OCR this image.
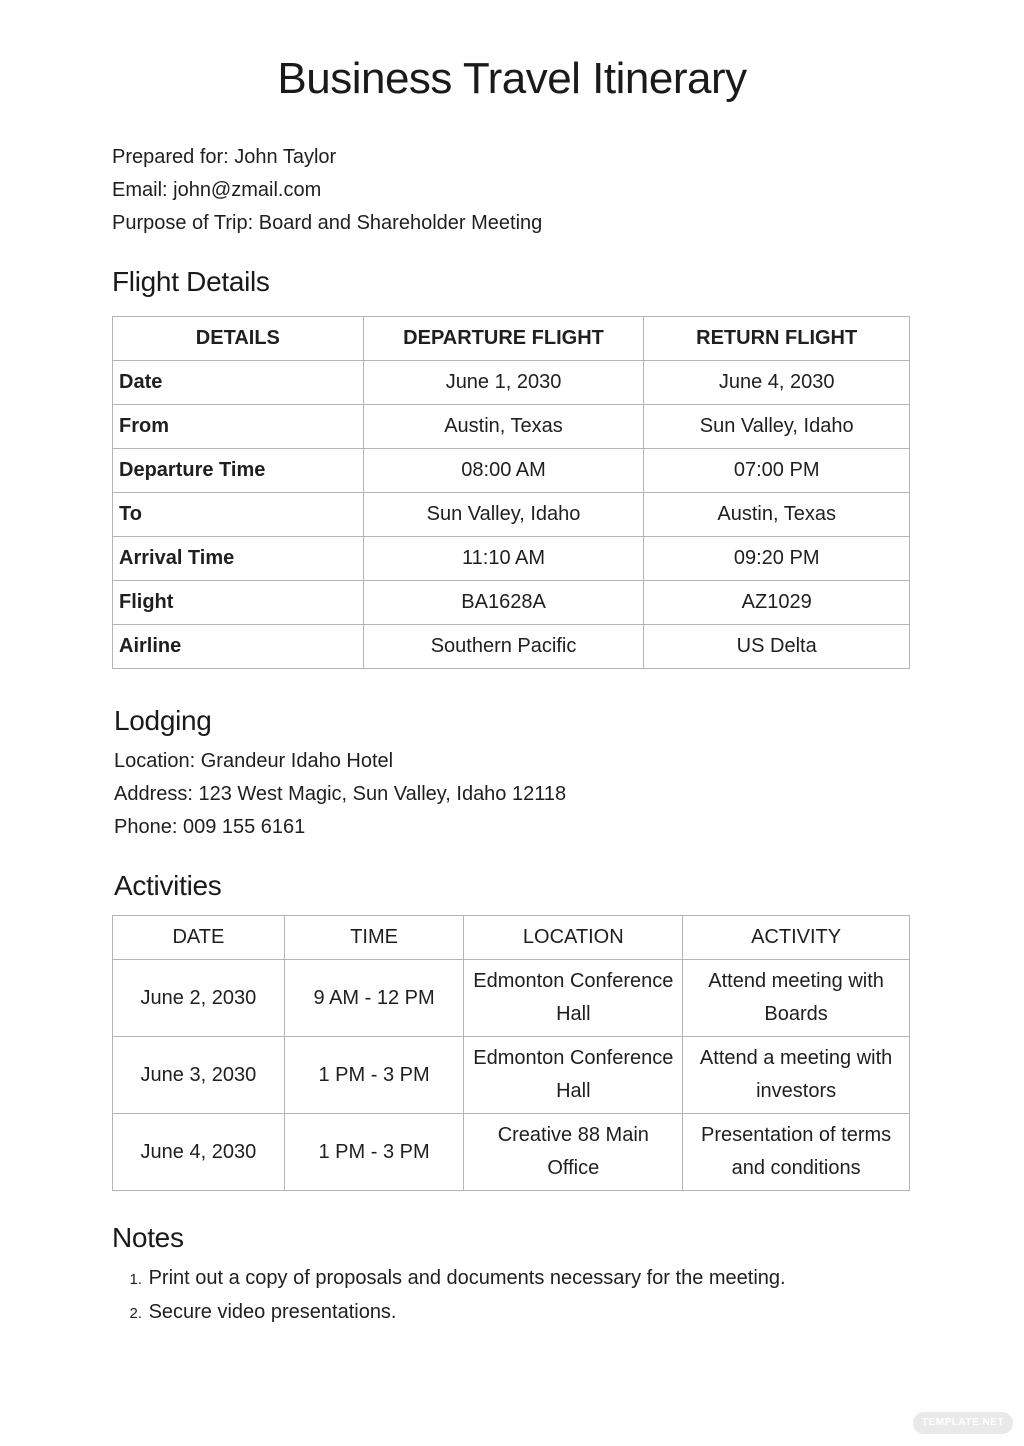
Business Travel Itinerary
Prepared for: John Taylor
Email: john@zmail.com
Purpose of Trip: Board and Shareholder Meeting
Flight Details
DETAILS	DEPARTURE FLIGHT	RETURN FLIGHT
Date	June 1, 2030	June 4, 2030
From	Austin, Texas	Sun Valley, Idaho
Departure Time	08:00 AM	07:00 PM
To	Sun Valley, Idaho	Austin, Texas
Arrival Time	11:10 AM	09:20 PM
Flight	BA1628A	AZ1029
Airline	Southern Pacific	US Delta
Lodging
Location: Grandeur Idaho Hotel
Address: 123 West Magic, Sun Valley, Idaho 12118
Phone: 009 155 6161
Activities
DATE	TIME	LOCATION	ACTIVITY
June 2, 2030	9 AM - 12 PM	Edmonton Conference Hall	Attend meeting with Boards
June 3, 2030	1 PM - 3 PM	Edmonton Conference Hall	Attend a meeting with investors
June 4, 2030	1 PM - 3 PM	Creative 88 Main Office	Presentation of terms and conditions
Notes
1. Print out a copy of proposals and documents necessary for the meeting.
2. Secure video presentations.
TEMPLATE.NET
